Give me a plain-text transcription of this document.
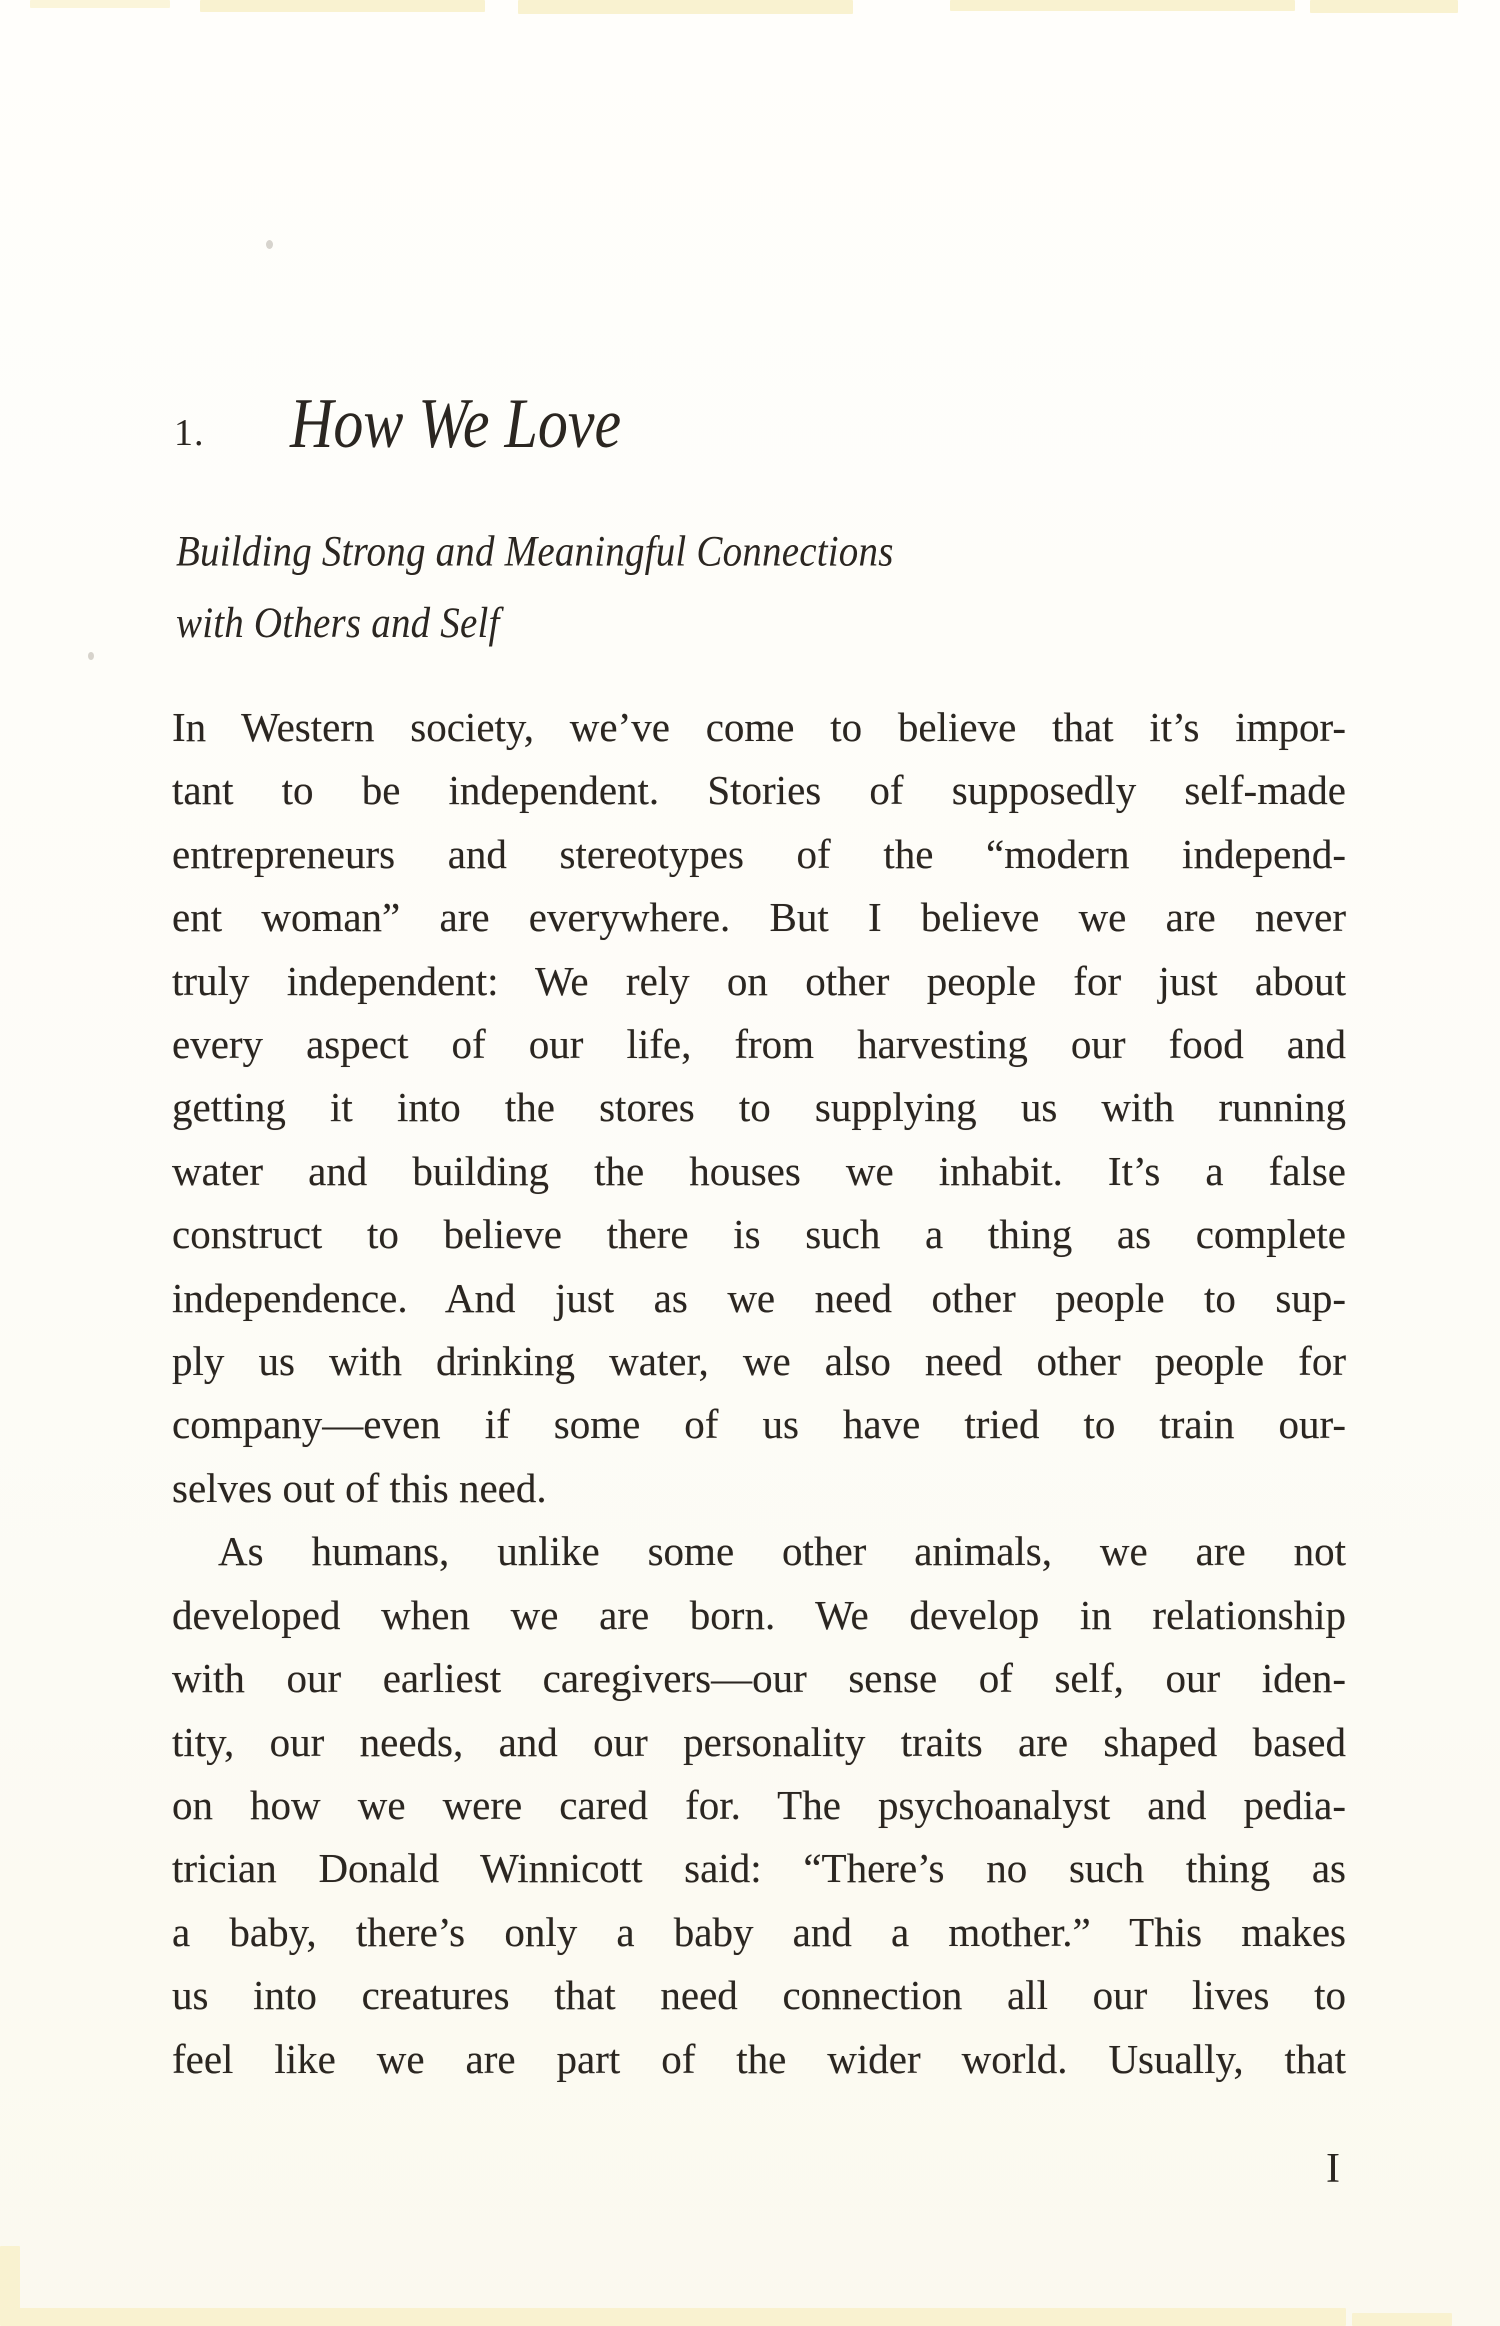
1. How We Love
Building Strong and Meaningful Connections
with Others and Self
In Western society, we’ve come to believe that it’s impor-
tant to be independent. Stories of supposedly self-made
entrepreneurs and stereotypes of the “modern independ-
ent woman” are everywhere. But I believe we are never
truly independent: We rely on other people for just about
every aspect of our life, from harvesting our food and
getting it into the stores to supplying us with running
water and building the houses we inhabit. It’s a false
construct to believe there is such a thing as complete
independence. And just as we need other people to sup-
ply us with drinking water, we also need other people for
company—even if some of us have tried to train our-
selves out of this need.
As humans, unlike some other animals, we are not
developed when we are born. We develop in relationship
with our earliest caregivers—our sense of self, our iden-
tity, our needs, and our personality traits are shaped based
on how we were cared for. The psychoanalyst and pedia-
trician Donald Winnicott said: “There’s no such thing as
a baby, there’s only a baby and a mother.” This makes
us into creatures that need connection all our lives to
feel like we are part of the wider world. Usually, that
I
